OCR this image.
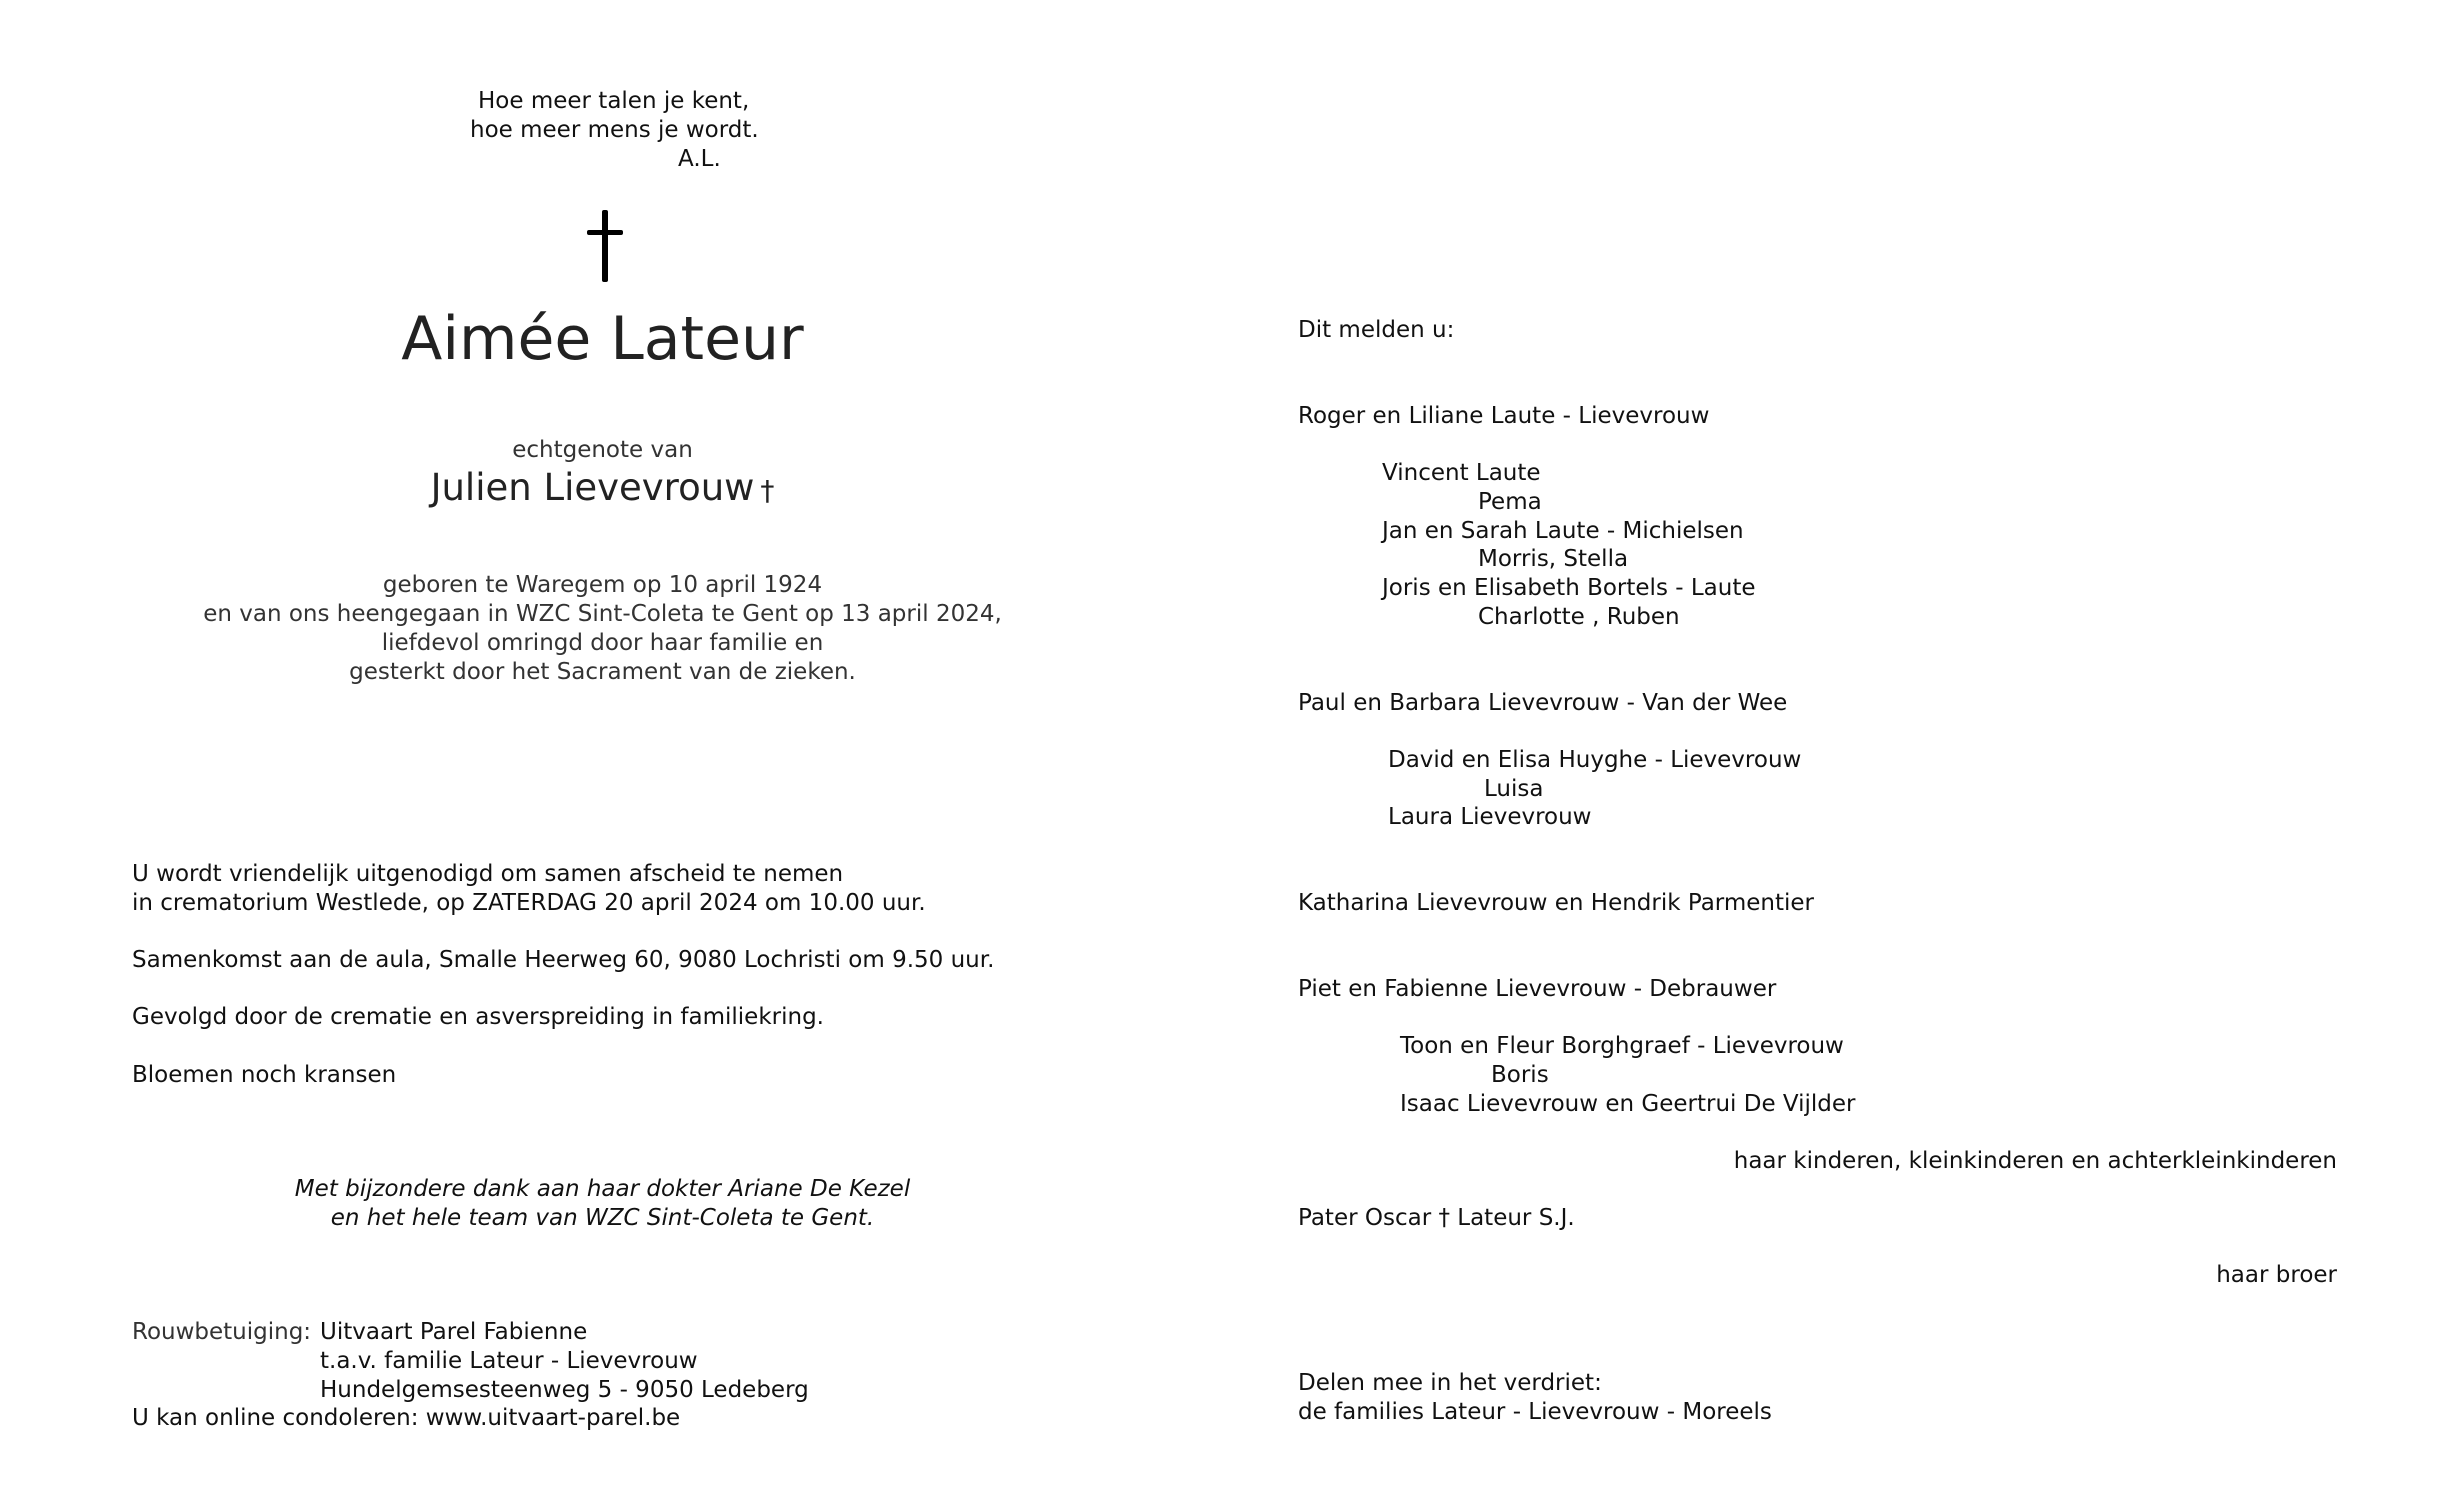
Hoe meer talen je kent,
hoe meer mens je wordt.
A.L.
Aimée Lateur
echtgenote van
Julien Lievevrouw †
geboren te Waregem op 10 april 1924
en van ons heengegaan in WZC Sint-Coleta te Gent op 13 april 2024,
liefdevol omringd door haar familie en
gesterkt door het Sacrament van de zieken.
U wordt vriendelijk uitgenodigd om samen afscheid te nemen
in crematorium Westlede, op ZATERDAG 20 april 2024 om 10.00 uur.
Samenkomst aan de aula, Smalle Heerweg 60, 9080 Lochristi om 9.50 uur.
Gevolgd door de crematie en asverspreiding in familiekring.
Bloemen noch kransen
Met bijzondere dank aan haar dokter Ariane De Kezel
en het hele team van WZC Sint-Coleta te Gent.
Rouwbetuiging: Uitvaart Parel Fabienne
t.a.v. familie Lateur - Lievevrouw
Hundelgemsesteenweg 5 - 9050 Ledeberg
U kan online condoleren: www.uitvaart-parel.be
Dit melden u:
Roger en Liliane Laute - Lievevrouw
Vincent Laute
Pema
Jan en Sarah Laute - Michielsen
Morris, Stella
Joris en Elisabeth Bortels - Laute
Charlotte , Ruben
Paul en Barbara Lievevrouw - Van der Wee
David en Elisa Huyghe - Lievevrouw
Luisa
Laura Lievevrouw
Katharina Lievevrouw en Hendrik Parmentier
Piet en Fabienne Lievevrouw - Debrauwer
Toon en Fleur Borghgraef - Lievevrouw
Boris
Isaac Lievevrouw en Geertrui De Vijlder
haar kinderen, kleinkinderen en achterkleinkinderen
Pater Oscar † Lateur S.J.
haar broer
Delen mee in het verdriet:
de families Lateur - Lievevrouw - Moreels
